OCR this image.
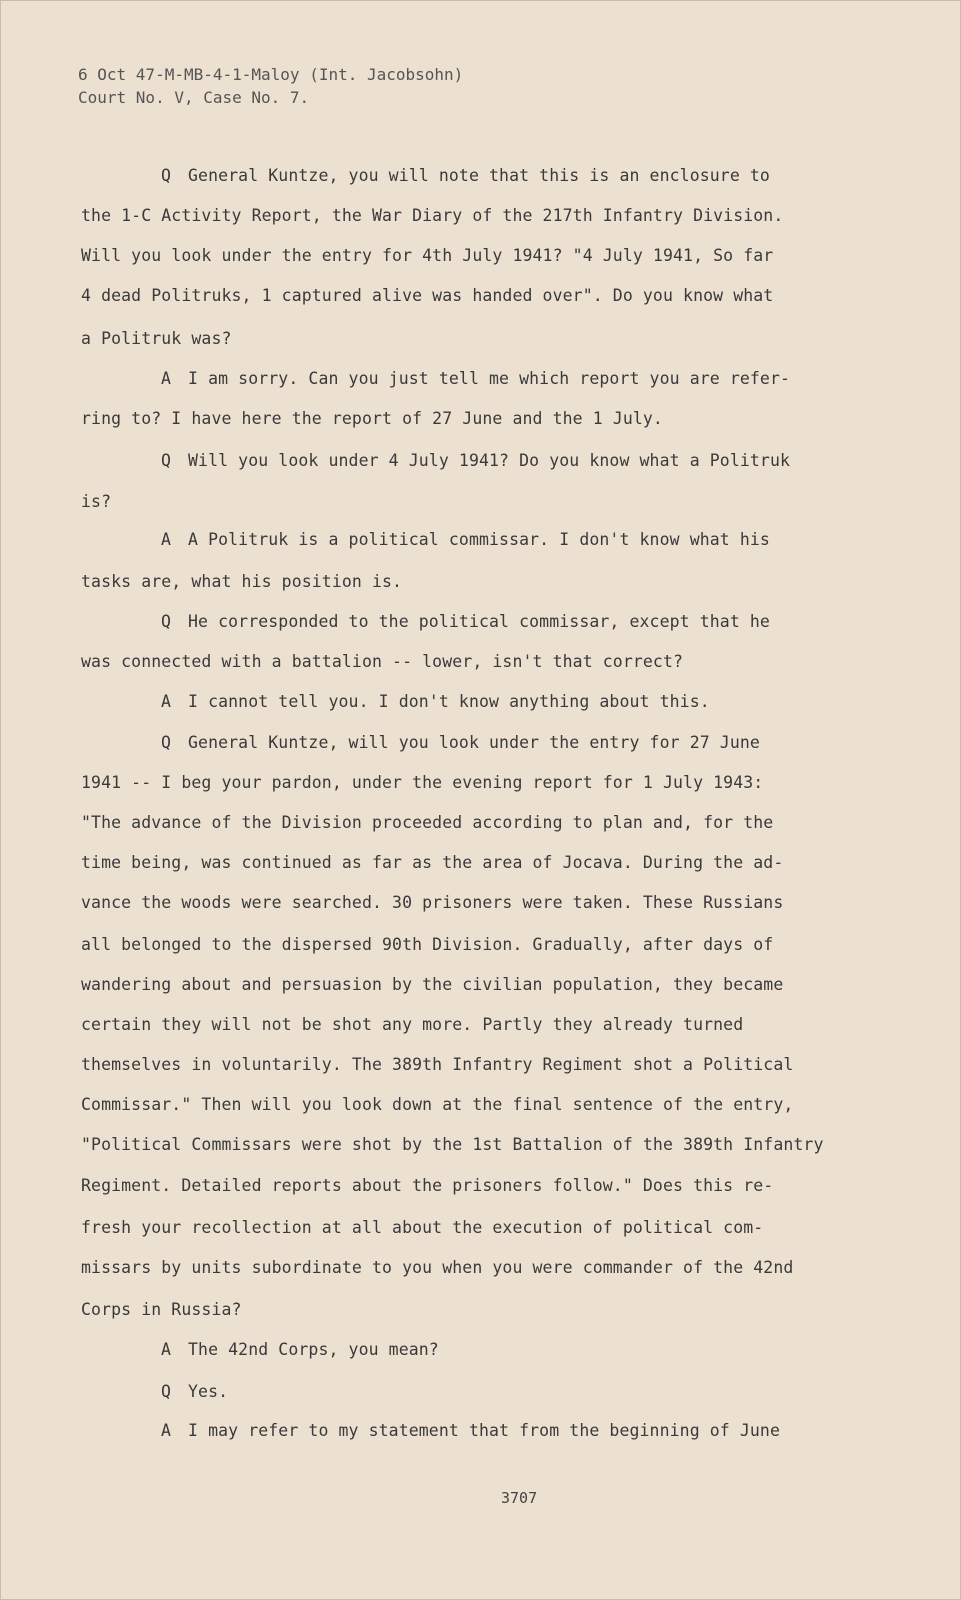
6 Oct 47-M-MB-4-1-Maloy (Int. Jacobsohn)
Court No. V, Case No. 7.
Q General Kuntze, you will note that this is an enclosure to
the 1-C Activity Report, the War Diary of the 217th Infantry Division.
Will you look under the entry for 4th July 1941? "4 July 1941, So far
4 dead Politruks, 1 captured alive was handed over". Do you know what
a Politruk was?
A I am sorry. Can you just tell me which report you are refer-
ring to? I have here the report of 27 June and the 1 July.
Q Will you look under 4 July 1941? Do you know what a Politruk
is?
A A Politruk is a political commissar. I don't know what his
tasks are, what his position is.
Q He corresponded to the political commissar, except that he
was connected with a battalion -- lower, isn't that correct?
A I cannot tell you. I don't know anything about this.
Q General Kuntze, will you look under the entry for 27 June
1941 -- I beg your pardon, under the evening report for 1 July 1943:
"The advance of the Division proceeded according to plan and, for the
time being, was continued as far as the area of Jocava. During the ad-
vance the woods were searched. 30 prisoners were taken. These Russians
all belonged to the dispersed 90th Division. Gradually, after days of
wandering about and persuasion by the civilian population, they became
certain they will not be shot any more. Partly they already turned
themselves in voluntarily. The 389th Infantry Regiment shot a Political
Commissar." Then will you look down at the final sentence of the entry,
"Political Commissars were shot by the 1st Battalion of the 389th Infantry
Regiment. Detailed reports about the prisoners follow." Does this re-
fresh your recollection at all about the execution of political com-
missars by units subordinate to you when you were commander of the 42nd
Corps in Russia?
A The 42nd Corps, you mean?
Q Yes.
A I may refer to my statement that from the beginning of June
3707
